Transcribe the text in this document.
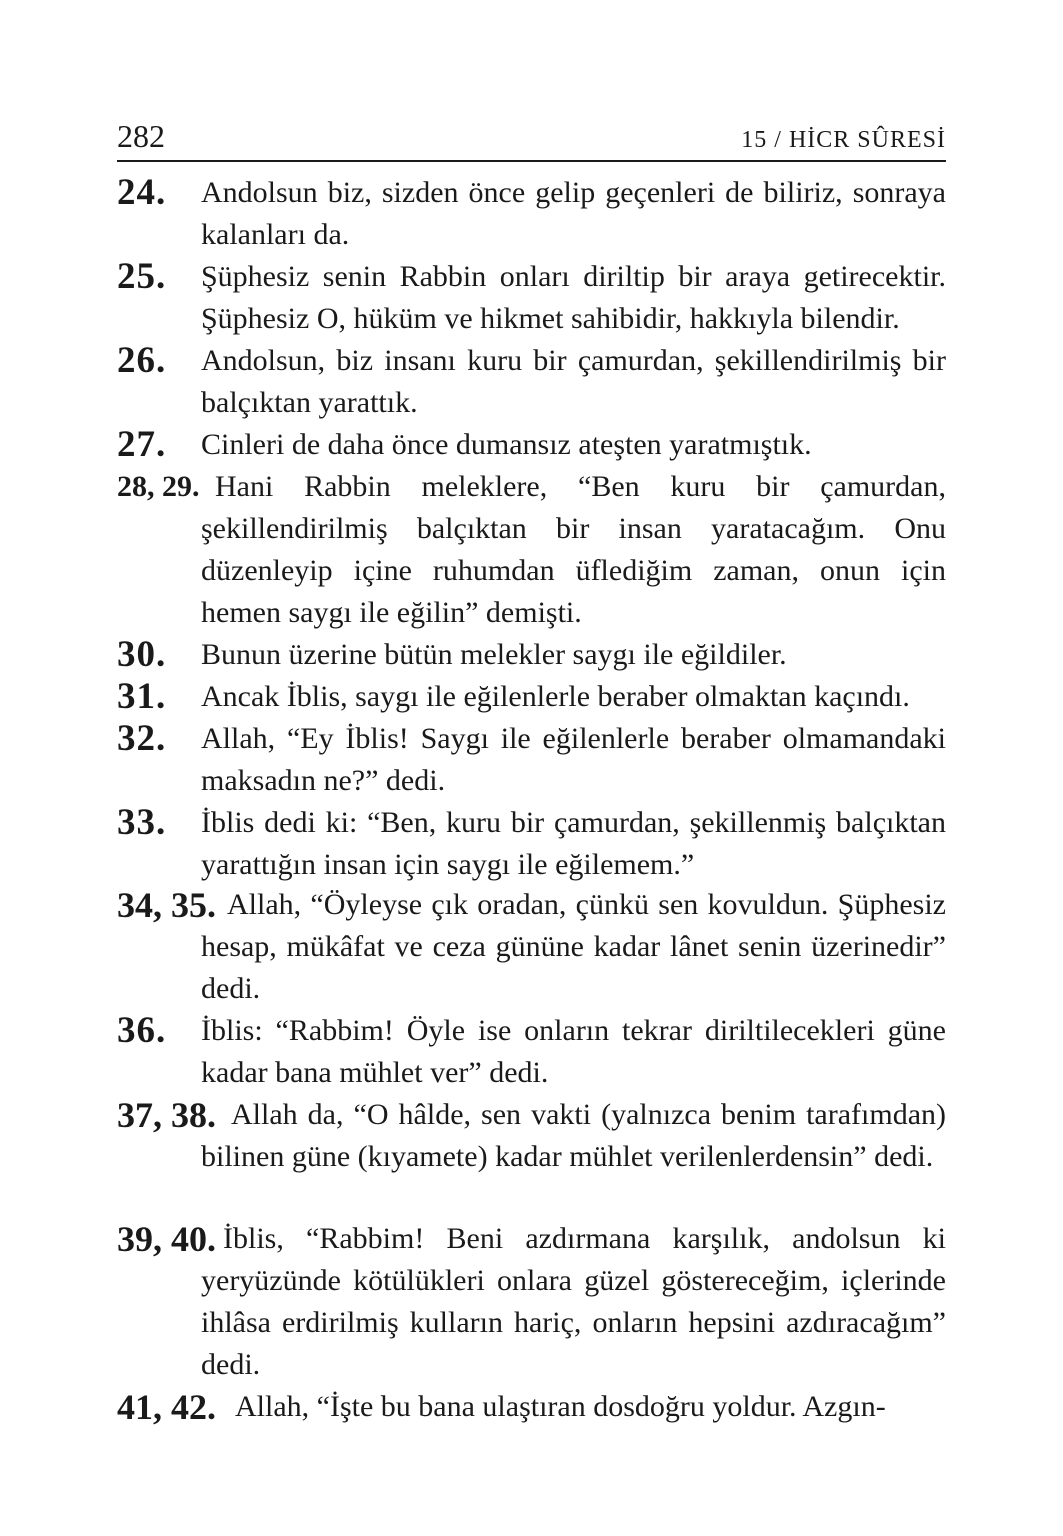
282	15 / HİCR SÛRESİ
24. Andolsun biz, sizden önce gelip geçenleri de biliriz, sonraya kalanları da.
25. Şüphesiz senin Rabbin onları diriltip bir araya getirecektir. Şüphesiz O, hüküm ve hikmet sahibidir, hakkıyla bilendir.
26. Andolsun, biz insanı kuru bir çamurdan, şekillendirilmiş bir balçıktan yarattık.
27. Cinleri de daha önce dumansız ateşten yaratmıştık.
28, 29. Hani Rabbin meleklere, “Ben kuru bir çamurdan, şekillendirilmiş balçıktan bir insan yaratacağım. Onu düzenleyip içine ruhumdan üflediğim zaman, onun için hemen saygı ile eğilin” demişti.
30. Bunun üzerine bütün melekler saygı ile eğildiler.
31. Ancak İblis, saygı ile eğilenlerle beraber olmaktan kaçındı.
32. Allah, “Ey İblis! Saygı ile eğilenlerle beraber olmamandaki maksadın ne?” dedi.
33. İblis dedi ki: “Ben, kuru bir çamurdan, şekillenmiş balçıktan yarattığın insan için saygı ile eğilemem.”
34, 35. Allah, “Öyleyse çık oradan, çünkü sen kovuldun. Şüphesiz hesap, mükâfat ve ceza gününe kadar lânet senin üzerinedir” dedi.
36. İblis: “Rabbim! Öyle ise onların tekrar diriltilecekleri güne kadar bana mühlet ver” dedi.
37, 38. Allah da, “O hâlde, sen vakti (yalnızca benim tarafımdan) bilinen güne (kıyamete) kadar mühlet verilenlerdensin” dedi.
39, 40. İblis, “Rabbim! Beni azdırmana karşılık, andolsun ki yeryüzünde kötülükleri onlara güzel göstereceğim, içlerinde ihlâsa erdirilmiş kulların hariç, onların hepsini azdıracağım” dedi.
41, 42. Allah, “İşte bu bana ulaştıran dosdoğru yoldur. Azgın-
